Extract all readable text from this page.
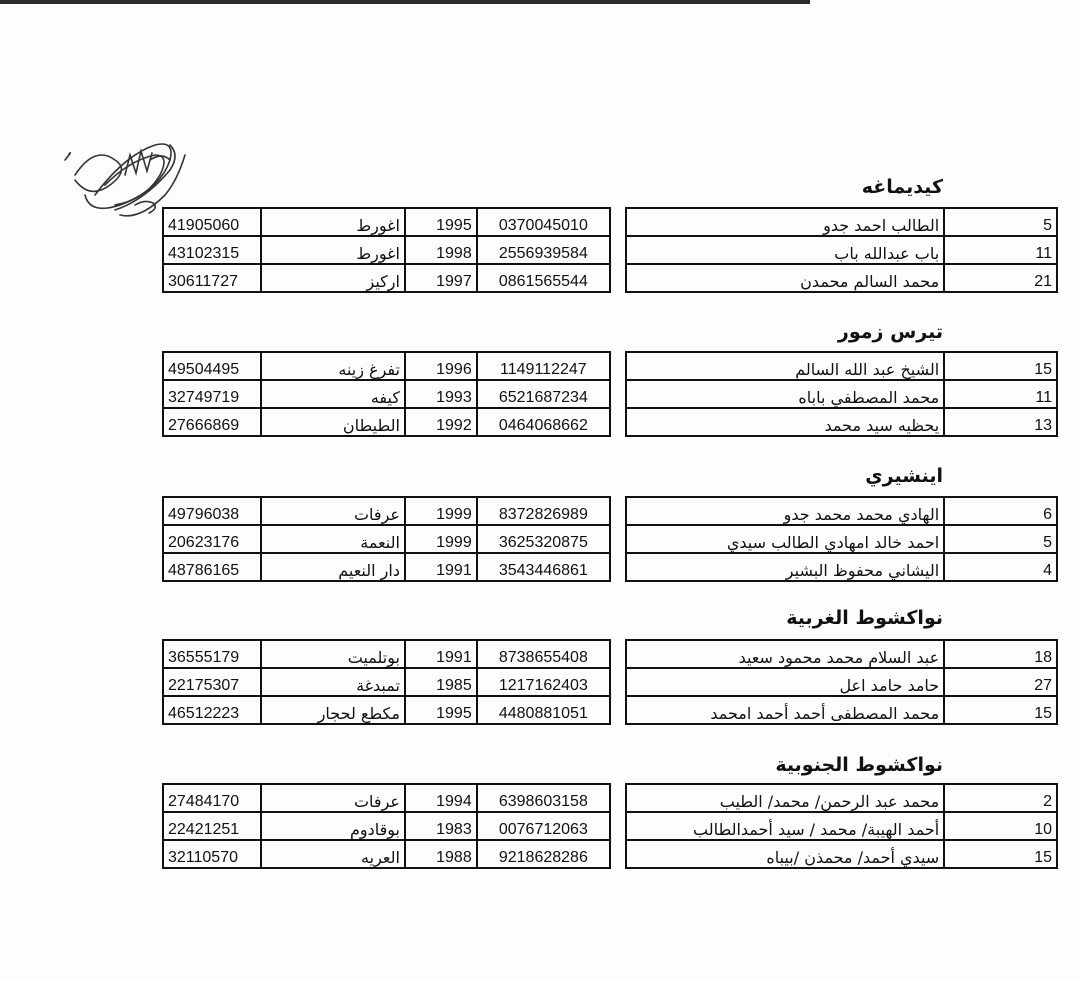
كيديماغه
41905060	اغورط	1995	0370045010		الطالب احمد جدو	5
43102315	اغورط	1998	2556939584		باب عبدالله باب	11
30611727	اركيز	1997	0861565544		محمد السالم محمدن	21
تيرس زمور
49504495	تفرغ زينه	1996	1149112247		الشيخ عبد الله السالم	15
32749719	كيفه	1993	6521687234		محمد المصطفي باباه	11
27666869	الطيطان	1992	0464068662		يحظيه سيد محمد	13
اينشيري
49796038	عرفات	1999	8372826989		الهادي محمد محمد جدو	6
20623176	النعمة	1999	3625320875		احمد خالد امهادي الطالب سيدي	5
48786165	دار النعيم	1991	3543446861		اليشاني محفوظ البشير	4
نواكشوط الغربية
36555179	بوتلميت	1991	8738655408		عبد السلام محمد محمود سعيد	18
22175307	تمبدغة	1985	1217162403		حامد حامد اعل	27
46512223	مكطع لحجار	1995	4480881051		محمد المصطفى أحمد أحمد امحمد	15
نواكشوط الجنوبية
27484170	عرفات	1994	6398603158		محمد عبد الرحمن/ محمد/ الطيب	2
22421251	بوقادوم	1983	0076712063		أحمد الهيبة/ محمد / سيد أحمدالطالب	10
32110570	العريه	1988	9218628286		سيدي أحمد/ محمذن /بيباه	15
